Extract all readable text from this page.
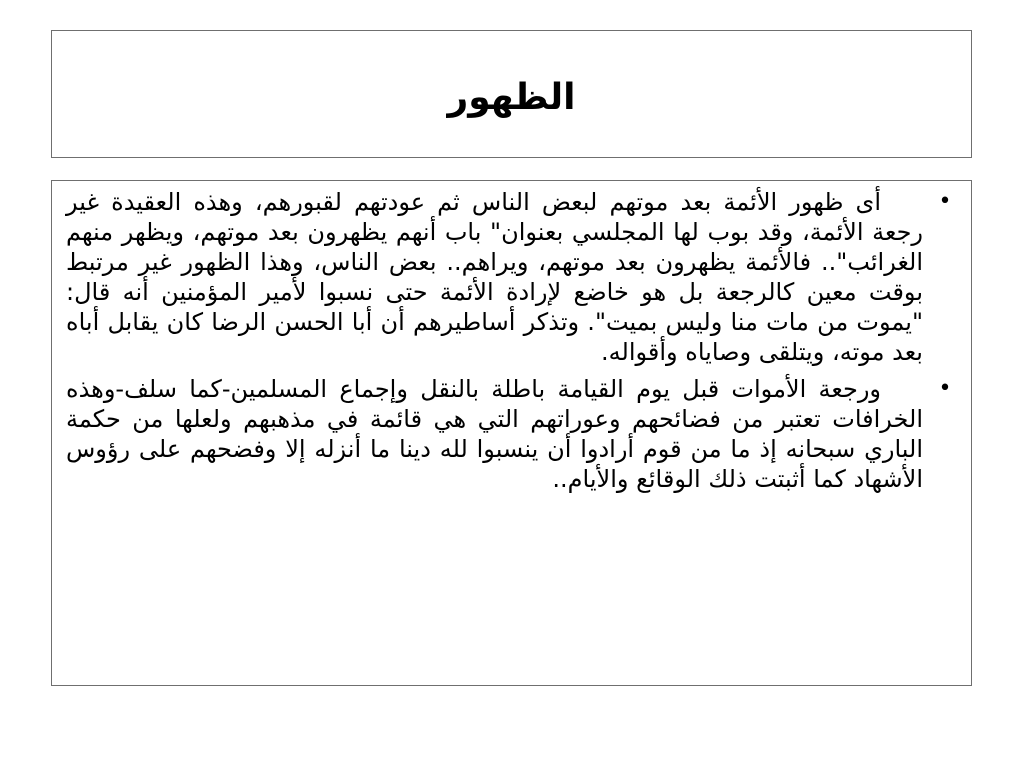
الظهور
•
أى ظهور الأئمة بعد موتهم لبعض الناس ثم عودتهم لقبورهم، وهذه العقيدة غير رجعة الأئمة، وقد بوب لها المجلسي بعنوان" باب أنهم يظهرون بعد موتهم، ويظهر منهم الغرائب".. فالأئمة يظهرون بعد موتهم، ويراهم.. بعض الناس، وهذا الظهور غير مرتبط بوقت معين كالرجعة بل هو خاضع لإرادة الأئمة حتى نسبوا لأمير المؤمنين أنه قال: "يموت من مات منا وليس بميت". وتذكر أساطيرهم أن أبا الحسن الرضا كان يقابل أباه بعد موته، ويتلقى وصاياه وأقواله.
•
ورجعة الأموات قبل يوم القيامة باطلة بالنقل وإجماع المسلمين-كما سلف-وهذه الخرافات تعتبر من فضائحهم وعوراتهم التي هي قائمة في مذهبهم ولعلها من حكمة الباري سبحانه إذ ما من قوم أرادوا أن ينسبوا لله دينا ما أنزله إلا وفضحهم على رؤوس الأشهاد كما أثبتت ذلك الوقائع والأيام..
